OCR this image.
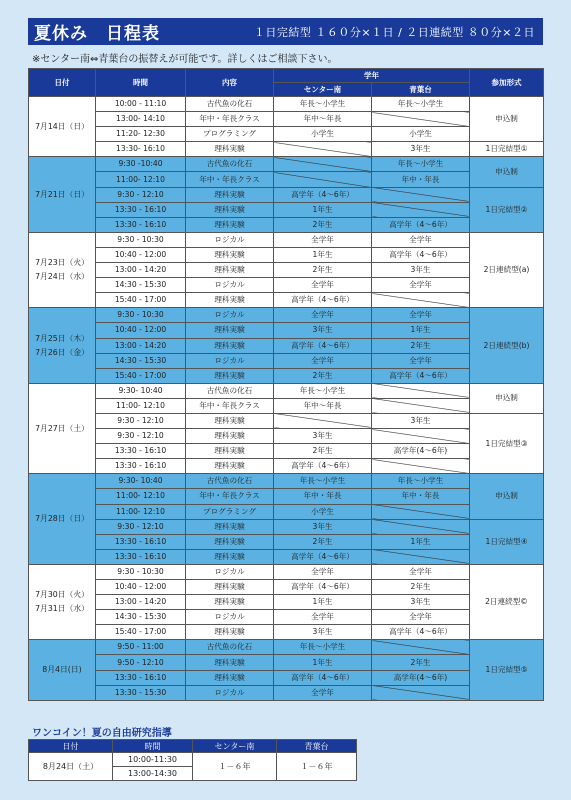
夏休み　日程表	１日完結型 １６０分×１日 / ２日連続型 ８０分×２日
※センター南⇔青葉台の振替えが可能です。詳しくはご相談下さい。
日付	時間	内容	学年		参加形式
			センター南	青葉台	
7月14日（日）	10:00 - 11:10	古代魚の化石	年長～小学生	年長～小学生	申込制
	13:00- 14:10	年中・年長クラス	年中～年長		
	11:20- 12:30	プログラミング	小学生	小学生	
	13:30- 16:10	理科実験		3年生	1日完結型①
7月21日（日）	9:30 -10:40	古代魚の化石		年長～小学生	申込制
	11:00- 12:10	年中・年長クラス		年中・年長	
	9:30 - 12:10	理科実験	高学年（4～6年）		1日完結型②
	13:30 - 16:10	理科実験	1年生		
	13:30 - 16:10	理科実験	2年生	高学年（4～6年）	
7月23日（火）
7月24日（水）	9:30 - 10:30	ロジカル	全学年	全学年	2日連続型(a)
	10:40 - 12:00	理科実験	1年生	高学年（4～6年）	
	13:00 - 14:20	理科実験	2年生	3年生	
	14:30 - 15:30	ロジカル	全学年	全学年	
	15:40 - 17:00	理科実験	高学年（4～6年）		
7月25日（木）
7月26日（金）	9:30 - 10:30	ロジカル	全学年	全学年	2日連続型(b)
	10:40 - 12:00	理科実験	3年生	1年生	
	13:00 - 14:20	理科実験	高学年（4～6年）	2年生	
	14:30 - 15:30	ロジカル	全学年	全学年	
	15:40 - 17:00	理科実験	2年生	高学年（4～6年）	
7月27日（土）	9:30- 10:40	古代魚の化石	年長～小学生		申込制
	11:00- 12:10	年中・年長クラス	年中～年長		
	9:30 - 12:10	理科実験		3年生	1日完結型③
	9:30 - 12:10	理科実験	3年生		
	13:30 - 16:10	理科実験	2年生	高学年(4～6年)	
	13:30 - 16:10	理科実験	高学年（4～6年）		
7月28日（日）	9:30- 10:40	古代魚の化石	年長～小学生	年長～小学生	申込制
	11:00- 12:10	年中・年長クラス	年中・年長	年中・年長	
	11:00- 12:10	プログラミング	小学生		
	9:30 - 12:10	理科実験	3年生		1日完結型④
	13:30 - 16:10	理科実験	2年生	1年生	
	13:30 - 16:10	理科実験	高学年（4～6年）		
7月30日（火）
7月31日（水）	9:30 - 10:30	ロジカル	全学年	全学年	2日連続型©
	10:40 - 12:00	理科実験	高学年（4～6年）	2年生	
	13:00 - 14:20	理科実験	1年生	3年生	
	14:30 - 15:30	ロジカル	全学年	全学年	
	15:40 - 17:00	理科実験	3年生	高学年（4～6年）	
8月4日(日)	9:50 - 11:00	古代魚の化石	年長～小学生		1日完結型⑤
	9:50 - 12:10	理科実験	1年生	2年生	
	13:30 - 16:10	理科実験	高学年（4～6年）	高学年(4～6年)	
	13:30 - 15:30	ロジカル	全学年		
ワンコイン！夏の自由研究指導
日付	時間	センター南	青葉台
8月24日（土）	10:00-11:30	１－６年	１－６年
	13:00-14:30		
